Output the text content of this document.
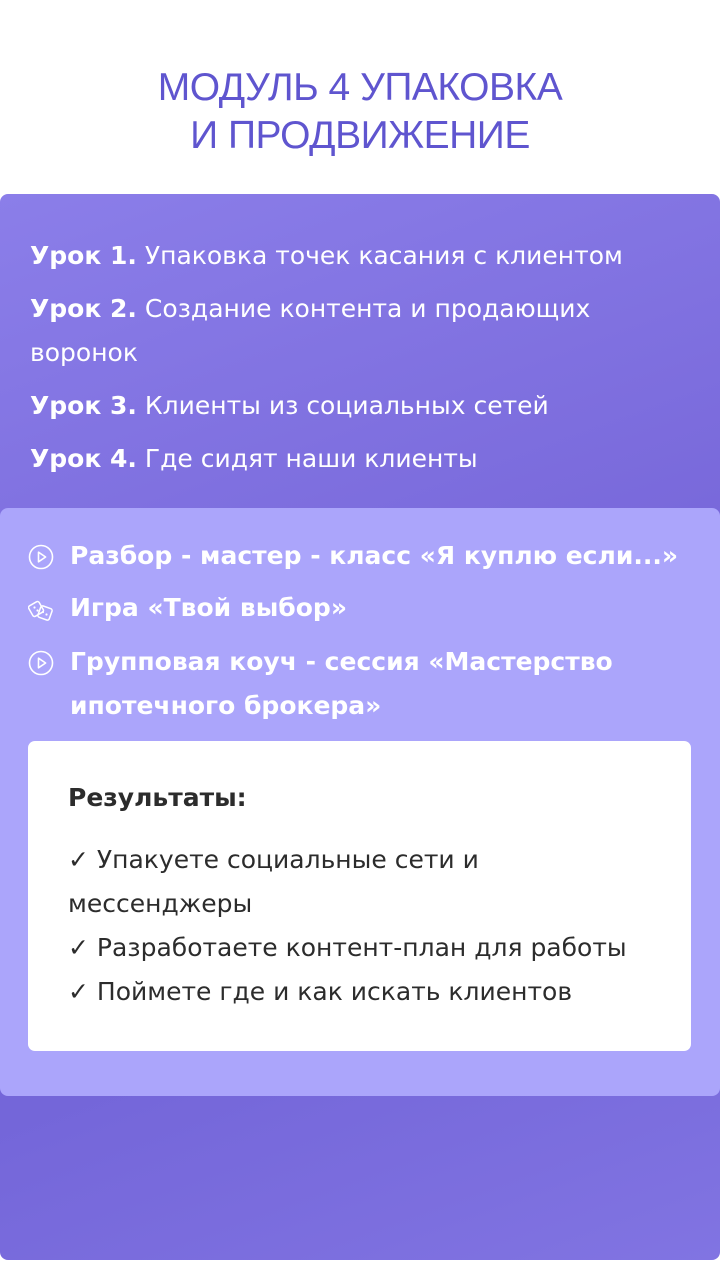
МОДУЛЬ 4 УПАКОВКА
И ПРОДВИЖЕНИЕ
Урок 1. Упаковка точек касания с клиентом
Урок 2. Создание контента и продающих воронок
Урок 3. Клиенты из социальных сетей
Урок 4. Где сидят наши клиенты
Разбор - мастер - класс «Я куплю если...»
Игра «Твой выбор»
Групповая коуч - сессия «Мастерство ипотечного брокера»
Результаты:
✓ Упакуете социальные сети и мессенджеры
✓ Разработаете контент-план для работы
✓ Поймете где и как искать клиентов
